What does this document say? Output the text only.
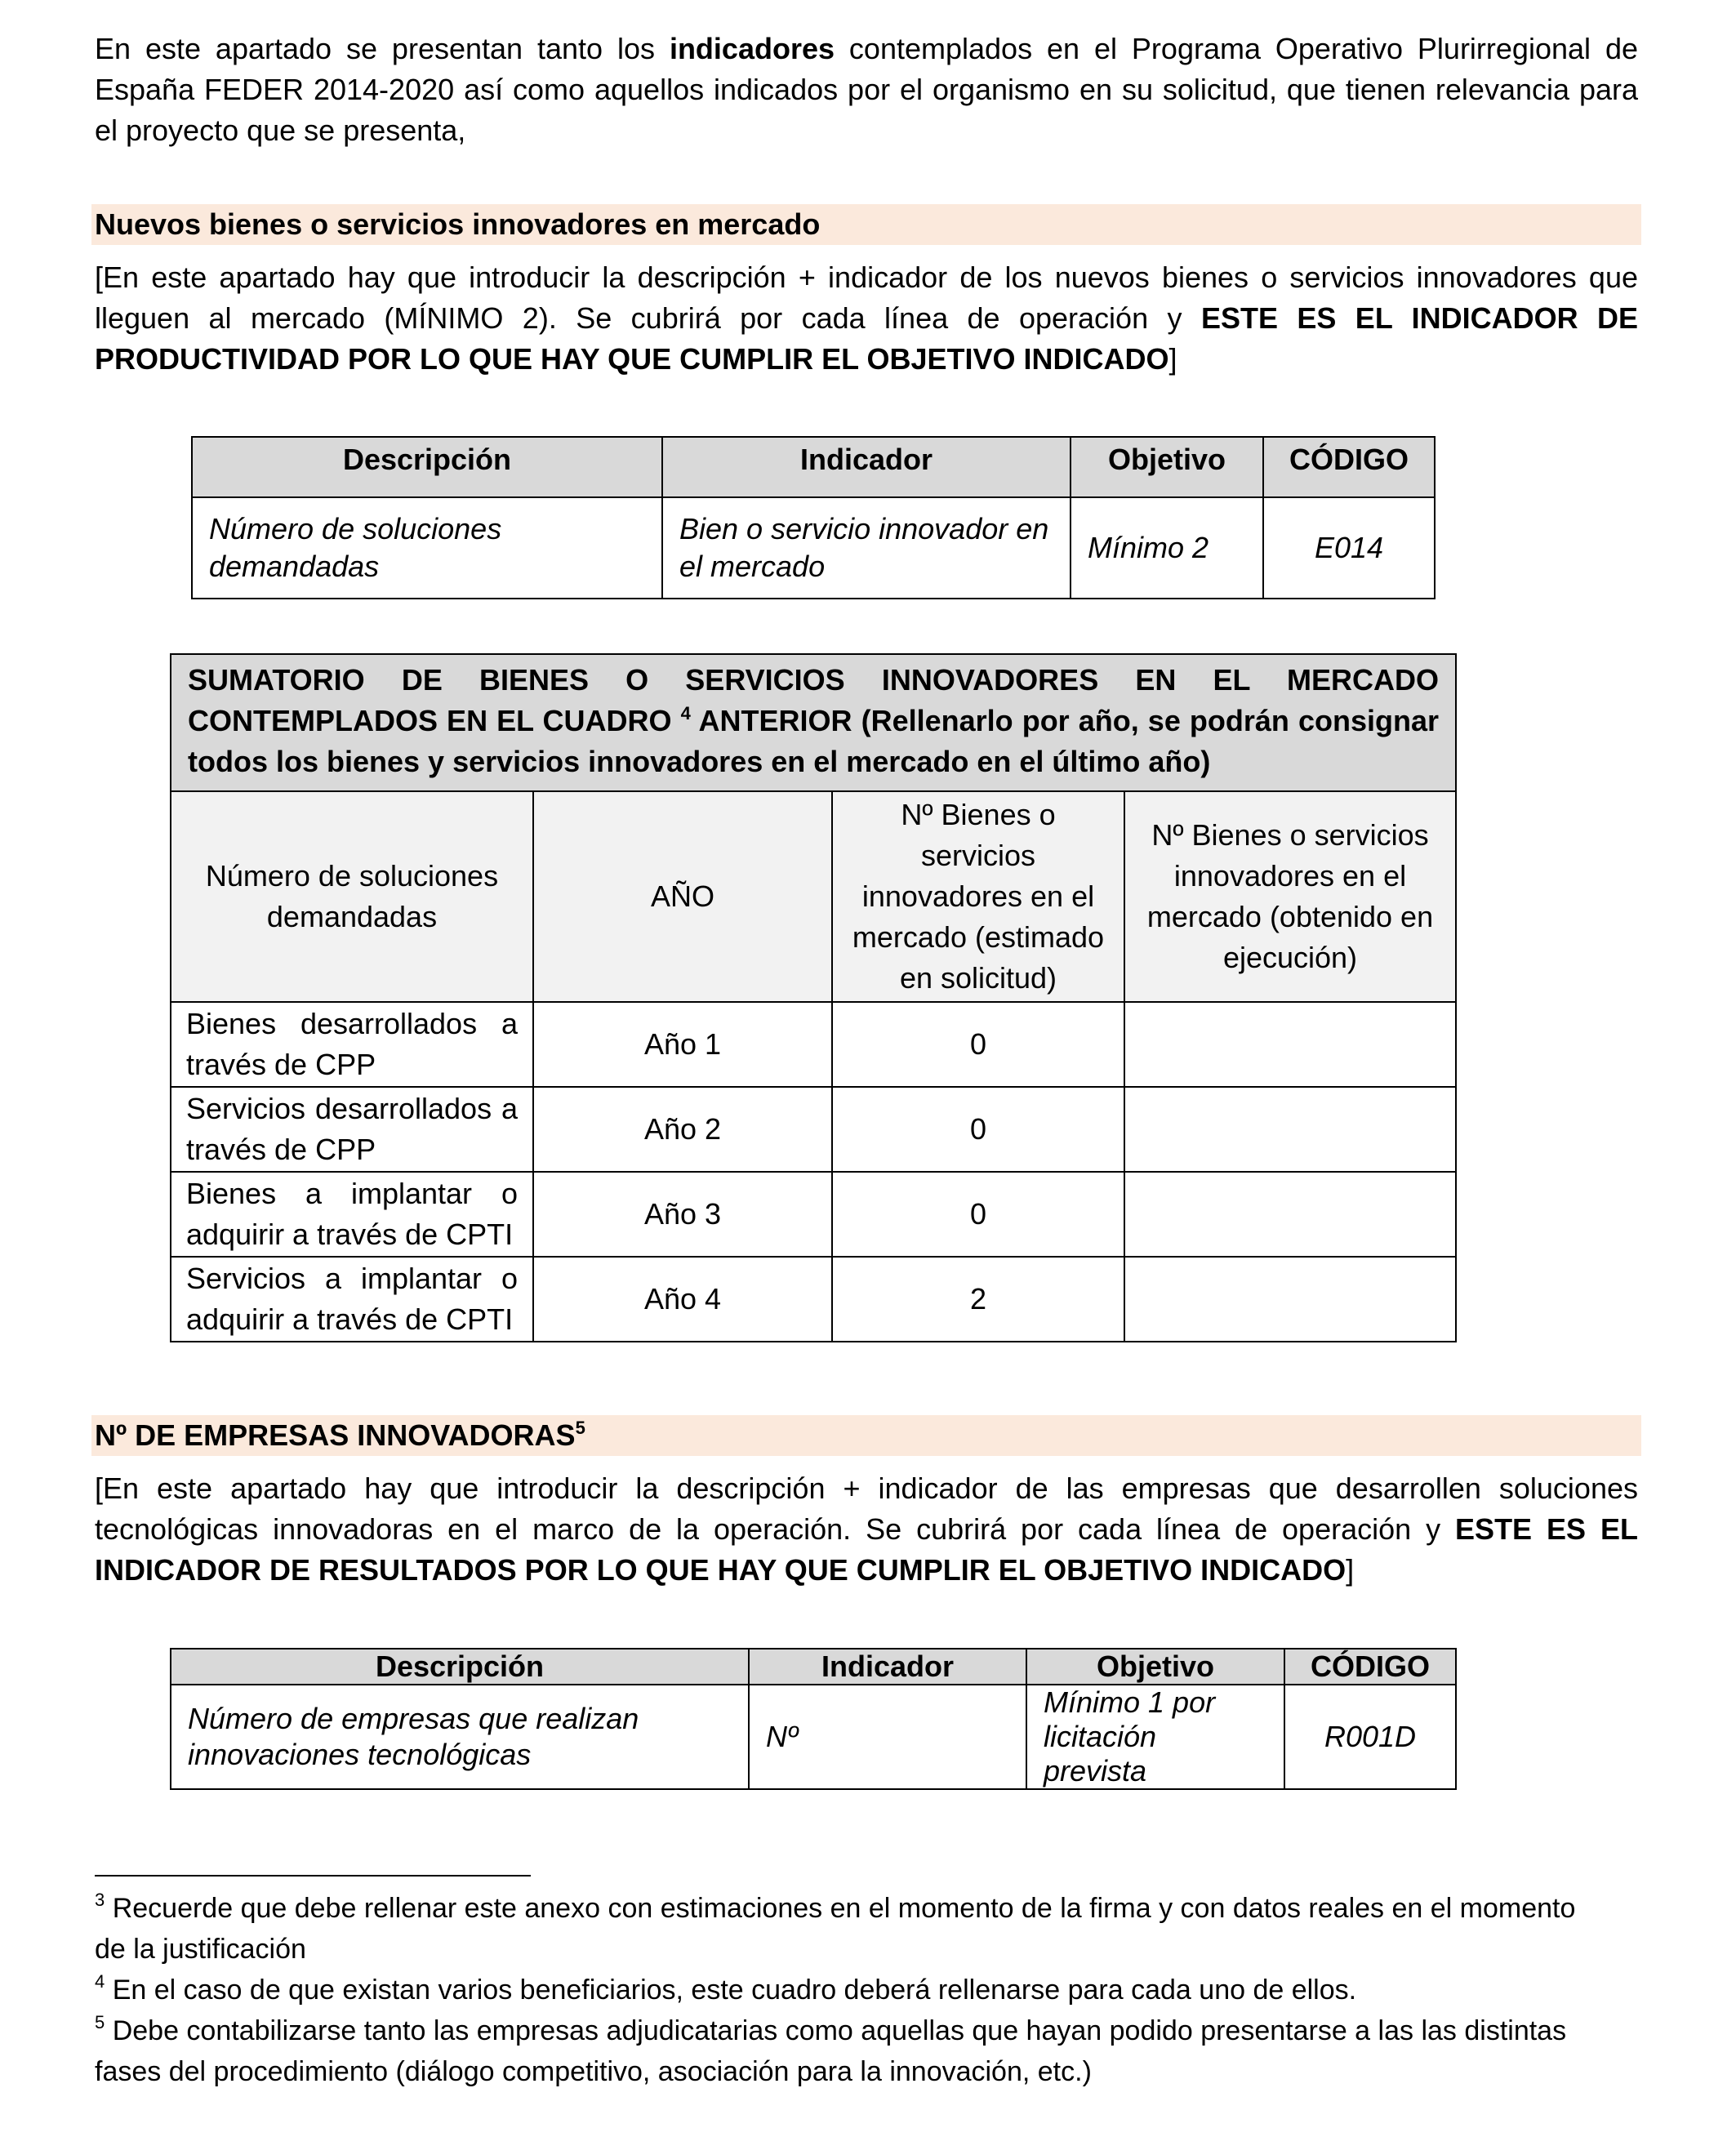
En este apartado se presentan tanto los indicadores contemplados en el Programa Operativo Plurirregional de España FEDER 2014-2020 así como aquellos indicados por el organismo en su solicitud, que tienen relevancia para el proyecto que se presenta,

Nuevos bienes o servicios innovadores en mercado

[En este apartado hay que introducir la descripción + indicador de los nuevos bienes o servicios innovadores que lleguen al mercado (MÍNIMO 2). Se cubrirá por cada línea de operación y ESTE ES EL INDICADOR DE PRODUCTIVIDAD POR LO QUE HAY QUE CUMPLIR EL OBJETIVO INDICADO]

Descripción	Indicador	Objetivo	CÓDIGO
Número de soluciones demandadas	Bien o servicio innovador en el mercado	Mínimo 2	E014
SUMATORIO DE BIENES O SERVICIOS INNOVADORES EN EL MERCADO CONTEMPLADOS EN EL CUADRO $^4$ ANTERIOR (Rellenarlo por año, se podrán consignar todos los bienes y servicios innovadores en el mercado en el último año)			
Número de soluciones demandadas	AÑO	Nº Bienes o servicios innovadores en el mercado (estimado en solicitud)	Nº Bienes o servicios innovadores en el mercado (obtenido en ejecución)
Bienes desarrollados a través de CPP	Año 1	0	
Servicios desarrollados a través de CPP	Año 2	0	
Bienes a implantar o adquirir a través de CPTI	Año 3	0	
Servicios a implantar o adquirir a través de CPTI	Año 4	2	
Nº DE EMPRESAS INNOVADORAS$^5$

[En este apartado hay que introducir la descripción + indicador de las empresas que desarrollen soluciones tecnológicas innovadoras en el marco de la operación. Se cubrirá por cada línea de operación y ESTE ES EL INDICADOR DE RESULTADOS POR LO QUE HAY QUE CUMPLIR EL OBJETIVO INDICADO]

Descripción	Indicador	Objetivo	CÓDIGO
Número de empresas que realizan innovaciones tecnológicas	Nº	Mínimo 1 por licitación prevista	R001D

$^3$ Recuerde que debe rellenar este anexo con estimaciones en el momento de la firma y con datos reales en el momento de la justificación

$^4$ En el caso de que existan varios beneficiarios, este cuadro deberá rellenarse para cada uno de ellos.

$^5$ Debe contabilizarse tanto las empresas adjudicatarias como aquellas que hayan podido presentarse a las las distintas fases del procedimiento (diálogo competitivo, asociación para la innovación, etc.)
